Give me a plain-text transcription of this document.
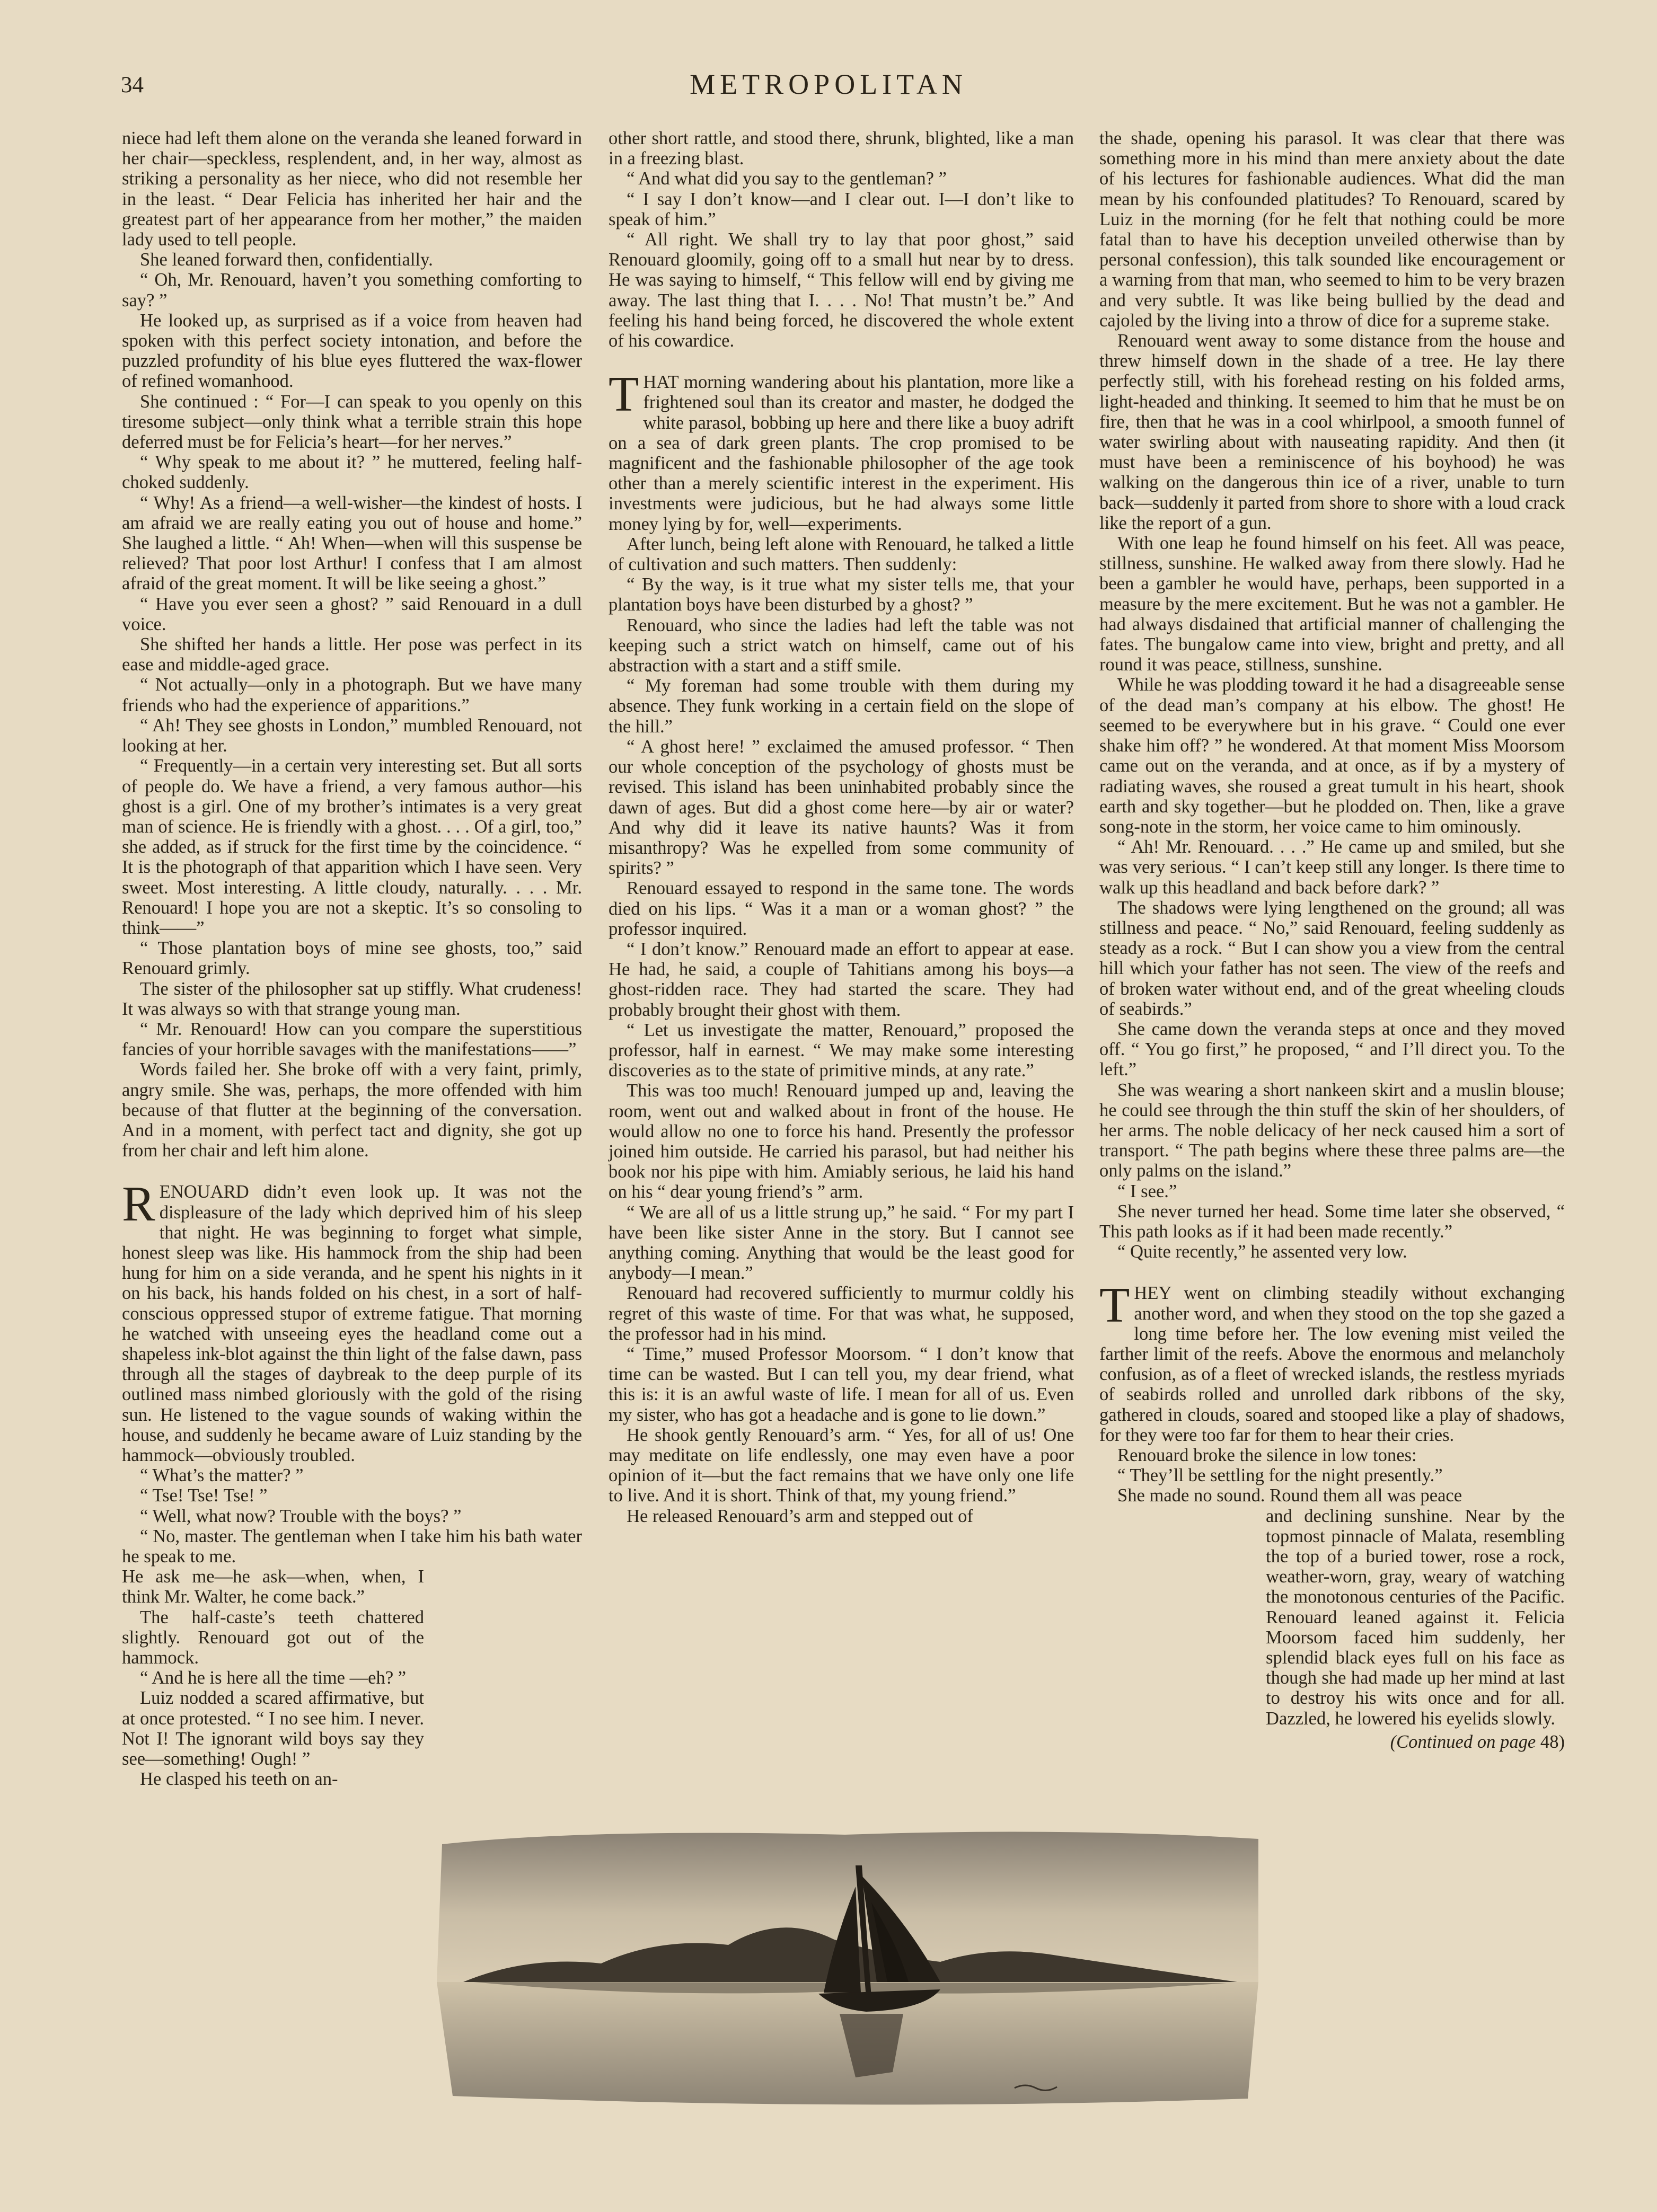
34	METROPOLITAN

niece had left them alone on the veranda she leaned forward in her chair—speckless, resplendent, and, in her way, almost as striking a personality as her niece, who did not resemble her in the least. “ Dear Felicia has inherited her hair and the greatest part of her appearance from her mother,” the maiden lady used to tell people.

She leaned forward then, confidentially.

“ Oh, Mr. Renouard, haven’t you something comforting to say? ”

He looked up, as surprised as if a voice from heaven had spoken with this perfect society intonation, and before the puzzled profundity of his blue eyes fluttered the wax-flower of refined womanhood.

She continued : “ For—I can speak to you openly on this tiresome subject—only think what a terrible strain this hope deferred must be for Felicia’s heart—for her nerves.”

“ Why speak to me about it? ” he muttered, feeling half-choked suddenly.

“ Why! As a friend—a well-wisher—the kindest of hosts. I am afraid we are really eating you out of house and home.” She laughed a little. “ Ah! When—when will this suspense be relieved? That poor lost Arthur! I confess that I am almost afraid of the great moment. It will be like seeing a ghost.”

“ Have you ever seen a ghost? ” said Renouard in a dull voice.

She shifted her hands a little. Her pose was perfect in its ease and middle-aged grace.

“ Not actually—only in a photograph. But we have many friends who had the experience of apparitions.”

“ Ah! They see ghosts in London,” mumbled Renouard, not looking at her.

“ Frequently—in a certain very interesting set. But all sorts of people do. We have a friend, a very famous author—his ghost is a girl. One of my brother’s intimates is a very great man of science. He is friendly with a ghost. . . . Of a girl, too,” she added, as if struck for the first time by the coincidence. “ It is the photograph of that apparition which I have seen. Very sweet. Most interesting. A little cloudy, naturally. . . . Mr. Renouard! I hope you are not a skeptic. It’s so consoling to think——”

“ Those plantation boys of mine see ghosts, too,” said Renouard grimly.

The sister of the philosopher sat up stiffly. What crudeness! It was always so with that strange young man.

“ Mr. Renouard! How can you compare the superstitious fancies of your horrible savages with the manifestations——”

Words failed her. She broke off with a very faint, primly, angry smile. She was, perhaps, the more offended with him because of that flutter at the beginning of the conversation. And in a moment, with perfect tact and dignity, she got up from her chair and left him alone.

RENOUARD didn’t even look up. It was not the displeasure of the lady which deprived him of his sleep that night. He was beginning to forget what simple, honest sleep was like. His hammock from the ship had been hung for him on a side veranda, and he spent his nights in it on his back, his hands folded on his chest, in a sort of half-conscious oppressed stupor of extreme fatigue. That morning he watched with unseeing eyes the headland come out a shapeless ink-blot against the thin light of the false dawn, pass through all the stages of daybreak to the deep purple of its outlined mass nimbed gloriously with the gold of the rising sun. He listened to the vague sounds of waking within the house, and suddenly he became aware of Luiz standing by the hammock—obviously troubled.

“ What’s the matter? ”

“ Tse! Tse! Tse! ”

“ Well, what now? Trouble with the boys? ”

“ No, master. The gentleman when I take him his bath water he speak to me.

He ask me—he ask—when, when, I think Mr. Walter, he come back.”

The half-caste’s teeth chattered slightly. Renouard got out of the hammock.

“ And he is here all the time —eh? ”

Luiz nodded a scared affirmative, but at once protested. “ I no see him. I never. Not I! The ignorant wild boys say they see—something! Ough! ”

He clasped his teeth on an-

other short rattle, and stood there, shrunk, blighted, like a man in a freezing blast.

“ And what did you say to the gentleman? ”

“ I say I don’t know—and I clear out. I—I don’t like to speak of him.”

“ All right. We shall try to lay that poor ghost,” said Renouard gloomily, going off to a small hut near by to dress. He was saying to himself, “ This fellow will end by giving me away. The last thing that I. . . . No! That mustn’t be.” And feeling his hand being forced, he discovered the whole extent of his cowardice.

THAT morning wandering about his plantation, more like a frightened soul than its creator and master, he dodged the white parasol, bobbing up here and there like a buoy adrift on a sea of dark green plants. The crop promised to be magnificent and the fashionable philosopher of the age took other than a merely scientific interest in the experiment. His investments were judicious, but he had always some little money lying by for, well—experiments.

After lunch, being left alone with Renouard, he talked a little of cultivation and such matters. Then suddenly:

“ By the way, is it true what my sister tells me, that your plantation boys have been disturbed by a ghost? ”

Renouard, who since the ladies had left the table was not keeping such a strict watch on himself, came out of his abstraction with a start and a stiff smile.

“ My foreman had some trouble with them during my absence. They funk working in a certain field on the slope of the hill.”

“ A ghost here! ” exclaimed the amused professor. “ Then our whole conception of the psychology of ghosts must be revised. This island has been uninhabited probably since the dawn of ages. But did a ghost come here—by air or water? And why did it leave its native haunts? Was it from misanthropy? Was he expelled from some community of spirits? ”

Renouard essayed to respond in the same tone. The words died on his lips. “ Was it a man or a woman ghost? ” the professor inquired.

“ I don’t know.” Renouard made an effort to appear at ease. He had, he said, a couple of Tahitians among his boys—a ghost-ridden race. They had started the scare. They had probably brought their ghost with them.

“ Let us investigate the matter, Renouard,” proposed the professor, half in earnest. “ We may make some interesting discoveries as to the state of primitive minds, at any rate.”

This was too much! Renouard jumped up and, leaving the room, went out and walked about in front of the house. He would allow no one to force his hand. Presently the professor joined him outside. He carried his parasol, but had neither his book nor his pipe with him. Amiably serious, he laid his hand on his “ dear young friend’s ” arm.

“ We are all of us a little strung up,” he said. “ For my part I have been like sister Anne in the story. But I cannot see anything coming. Anything that would be the least good for anybody—I mean.”

Renouard had recovered sufficiently to murmur coldly his regret of this waste of time. For that was what, he supposed, the professor had in his mind.

“ Time,” mused Professor Moorsom. “ I don’t know that time can be wasted. But I can tell you, my dear friend, what this is: it is an awful waste of life. I mean for all of us. Even my sister, who has got a headache and is gone to lie down.”

He shook gently Renouard’s arm. “ Yes, for all of us! One may meditate on life endlessly, one may even have a poor opinion of it—but the fact remains that we have only one life to live. And it is short. Think of that, my young friend.”

He released Renouard’s arm and stepped out of

the shade, opening his parasol. It was clear that there was something more in his mind than mere anxiety about the date of his lectures for fashionable audiences. What did the man mean by his confounded platitudes? To Renouard, scared by Luiz in the morning (for he felt that nothing could be more fatal than to have his deception unveiled otherwise than by personal confession), this talk sounded like encouragement or a warning from that man, who seemed to him to be very brazen and very subtle. It was like being bullied by the dead and cajoled by the living into a throw of dice for a supreme stake.

Renouard went away to some distance from the house and threw himself down in the shade of a tree. He lay there perfectly still, with his forehead resting on his folded arms, light-headed and thinking. It seemed to him that he must be on fire, then that he was in a cool whirlpool, a smooth funnel of water swirling about with nauseating rapidity. And then (it must have been a reminiscence of his boyhood) he was walking on the dangerous thin ice of a river, unable to turn back—suddenly it parted from shore to shore with a loud crack like the report of a gun.

With one leap he found himself on his feet. All was peace, stillness, sunshine. He walked away from there slowly. Had he been a gambler he would have, perhaps, been supported in a measure by the mere excitement. But he was not a gambler. He had always disdained that artificial manner of challenging the fates. The bungalow came into view, bright and pretty, and all round it was peace, stillness, sunshine.

While he was plodding toward it he had a disagreeable sense of the dead man’s company at his elbow. The ghost! He seemed to be everywhere but in his grave. “ Could one ever shake him off? ” he wondered. At that moment Miss Moorsom came out on the veranda, and at once, as if by a mystery of radiating waves, she roused a great tumult in his heart, shook earth and sky together—but he plodded on. Then, like a grave song-note in the storm, her voice came to him ominously.

“ Ah! Mr. Renouard. . . .” He came up and smiled, but she was very serious. “ I can’t keep still any longer. Is there time to walk up this headland and back before dark? ”

The shadows were lying lengthened on the ground; all was stillness and peace. “ No,” said Renouard, feeling suddenly as steady as a rock. “ But I can show you a view from the central hill which your father has not seen. The view of the reefs and of broken water without end, and of the great wheeling clouds of seabirds.”

She came down the veranda steps at once and they moved off. “ You go first,” he proposed, “ and I’ll direct you. To the left.”

She was wearing a short nankeen skirt and a muslin blouse; he could see through the thin stuff the skin of her shoulders, of her arms. The noble delicacy of her neck caused him a sort of transport. “ The path begins where these three palms are—the only palms on the island.”

“ I see.”

She never turned her head. Some time later she observed, “ This path looks as if it had been made recently.”

“ Quite recently,” he assented very low.

THEY went on climbing steadily without exchanging another word, and when they stood on the top she gazed a long time before her. The low evening mist veiled the farther limit of the reefs. Above the enormous and melancholy confusion, as of a fleet of wrecked islands, the restless myriads of seabirds rolled and unrolled dark ribbons of the sky, gathered in clouds, soared and stooped like a play of shadows, for they were too far for them to hear their cries.

Renouard broke the silence in low tones:

“ They’ll be settling for the night presently.”

She made no sound. Round them all was peace

and declining sunshine. Near by the topmost pinnacle of Malata, resembling the top of a buried tower, rose a rock, weather-worn, gray, weary of watching the monotonous centuries of the Pacific. Renouard leaned against it. Felicia Moorsom faced him suddenly, her splendid black eyes full on his face as though she had made up her mind at last to destroy his wits once and for all. Dazzled, he lowered his eyelids slowly.

(Continued on page 48)
